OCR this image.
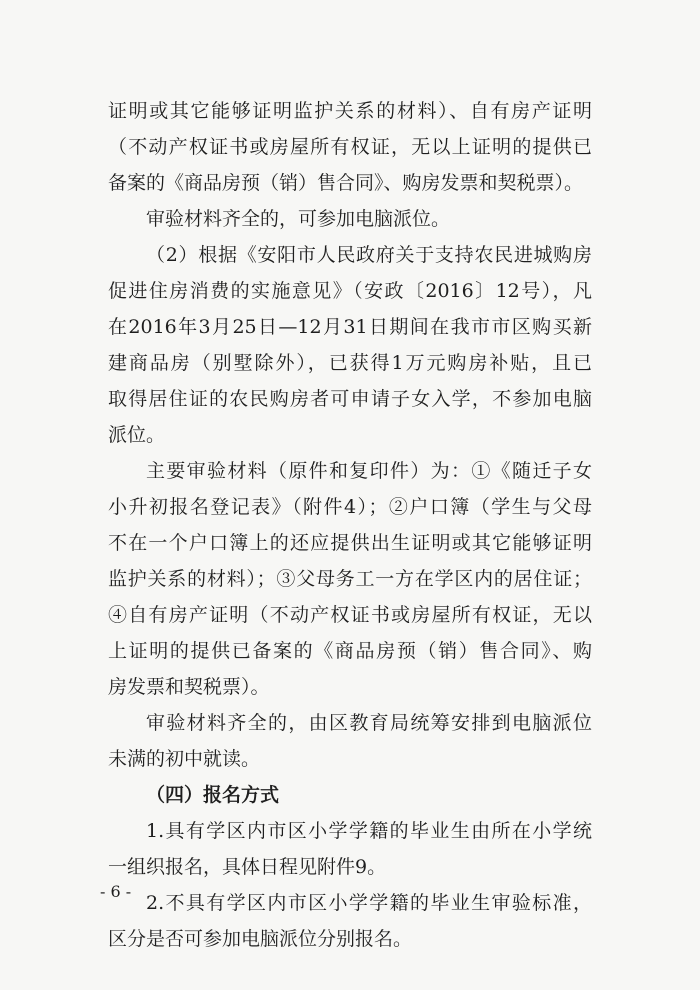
证明或其它能够证明监护关系的材料）、自有房产证明
（不动产权证书或房屋所有权证，无以上证明的提供已
备案的《商品房预（销）售合同》、购房发票和契税票）。
审验材料齐全的，可参加电脑派位。
（2）根据《安阳市人民政府关于支持农民进城购房
促进住房消费的实施意见》（安政〔2016〕12号），凡
在2016年3月25日—12月31日期间在我市市区购买新
建商品房（别墅除外），已获得1万元购房补贴，且已
取得居住证的农民购房者可申请子女入学，不参加电脑
派位。
主要审验材料（原件和复印件）为：①《随迁子女
小升初报名登记表》（附件4）；②户口簿（学生与父母
不在一个户口簿上的还应提供出生证明或其它能够证明
监护关系的材料）；③父母务工一方在学区内的居住证；
④自有房产证明（不动产权证书或房屋所有权证，无以
上证明的提供已备案的《商品房预（销）售合同》、购
房发票和契税票）。
审验材料齐全的，由区教育局统筹安排到电脑派位
未满的初中就读。
（四）报名方式
1.具有学区内市区小学学籍的毕业生由所在小学统
一组织报名，具体日程见附件9。
2.不具有学区内市区小学学籍的毕业生审验标准，
区分是否可参加电脑派位分别报名。
- 6 -
